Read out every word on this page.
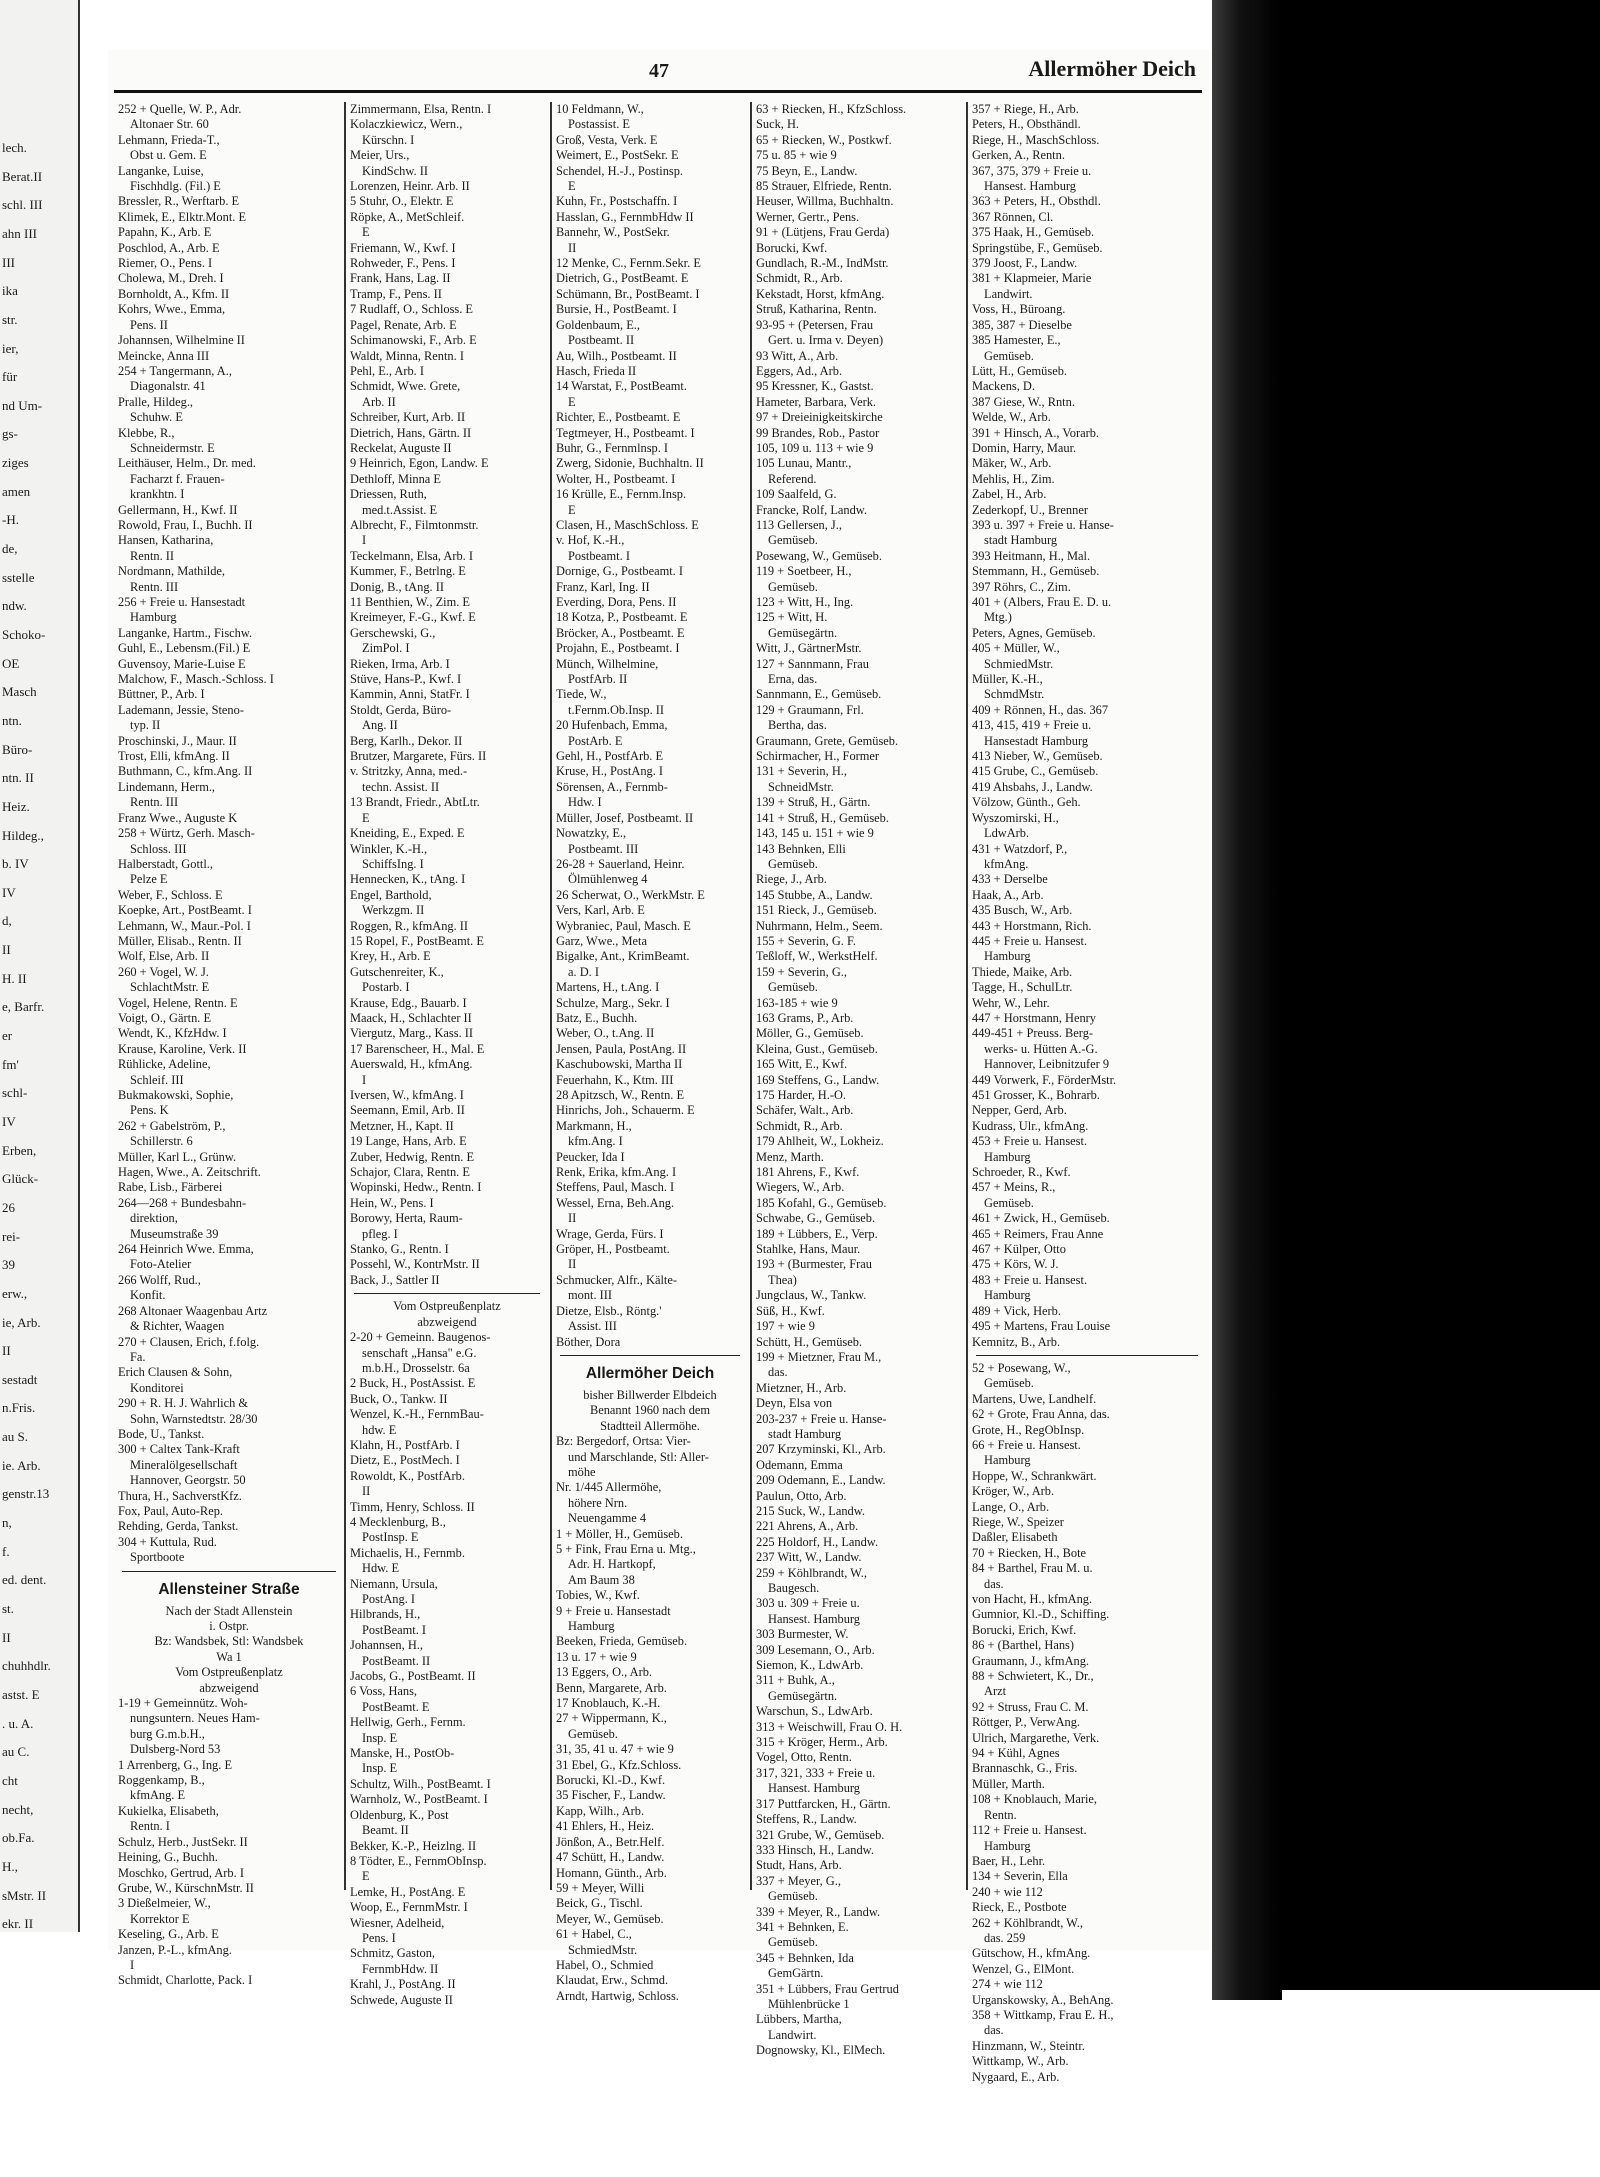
lech.
Berat.II
schl. III
ahn III
III
ika
str.
ier,
für
nd Um-
gs-
ziges
amen
-H.
de,
sstelle
ndw.
Schoko-
OE
Masch
ntn.
Büro-
ntn. II
Heiz.
Hildeg.,
b. IV
IV
d,
II
H. II
e, Barfr.
er
fm'
schl-
IV
Erben,
Glück-
26
rei-
39
erw.,
ie, Arb.
II
sestadt
n.Fris.
au S.
ie. Arb.
genstr.13
n,
f.
ed. dent.
st.
II
chuhhdlr.
astst. E
. u. A.
au C.
cht
necht,
ob.Fa.
H.,
sMstr. II
ekr. II
47	Allermöher Deich
252 + Quelle, W. P., Adr.
Altonaer Str. 60
Lehmann, Frieda-T.,
Obst u. Gem. E
Langanke, Luise,
Fischhdlg. (Fil.) E
Bressler, R., Werftarb. E
Klimek, E., Elktr.Mont. E
Papahn, K., Arb. E
Poschlod, A., Arb. E
Riemer, O., Pens. I
Cholewa, M., Dreh. I
Bornholdt, A., Kfm. II
Kohrs, Wwe., Emma,
Pens. II
Johannsen, Wilhelmine II
Meincke, Anna III
254 + Tangermann, A.,
Diagonalstr. 41
Pralle, Hildeg.,
Schuhw. E
Klebbe, R.,
Schneidermstr. E
Leithäuser, Helm., Dr. med.
Facharzt f. Frauen-
krankhtn. I
Gellermann, H., Kwf. II
Rowold, Frau, I., Buchh. II
Hansen, Katharina,
Rentn. II
Nordmann, Mathilde,
Rentn. III
256 + Freie u. Hansestadt
Hamburg
Langanke, Hartm., Fischw.
Guhl, E., Lebensm.(Fil.) E
Guvensoy, Marie-Luise E
Malchow, F., Masch.-Schloss. I
Büttner, P., Arb. I
Lademann, Jessie, Steno-
typ. II
Proschinski, J., Maur. II
Trost, Elli, kfmAng. II
Buthmann, C., kfm.Ang. II
Lindemann, Herm.,
Rentn. III
Franz Wwe., Auguste K
258 + Würtz, Gerh. Masch-
Schloss. III
Halberstadt, Gottl.,
Pelze E
Weber, F., Schloss. E
Koepke, Art., PostBeamt. I
Lehmann, W., Maur.-Pol. I
Müller, Elisab., Rentn. II
Wolf, Else, Arb. II
260 + Vogel, W. J.
SchlachtMstr. E
Vogel, Helene, Rentn. E
Voigt, O., Gärtn. E
Wendt, K., KfzHdw. I
Krause, Karoline, Verk. II
Rühlicke, Adeline,
Schleif. III
Bukmakowski, Sophie,
Pens. K
262 + Gabelström, P.,
Schillerstr. 6
Müller, Karl L., Grünw.
Hagen, Wwe., A. Zeitschrift.
Rabe, Lisb., Färberei
264—268 + Bundesbahn-
direktion,
Museumstraße 39
264 Heinrich Wwe. Emma,
Foto-Atelier
266 Wolff, Rud.,
Konfit.
268 Altonaer Waagenbau Artz
& Richter, Waagen
270 + Clausen, Erich, f.folg.
Fa.
Erich Clausen & Sohn,
Konditorei
290 + R. H. J. Wahrlich &
Sohn, Warnstedtstr. 28/30
Bode, U., Tankst.
300 + Caltex Tank-Kraft
Mineralölgesellschaft
Hannover, Georgstr. 50
Thura, H., SachverstKfz.
Fox, Paul, Auto-Rep.
Rehding, Gerda, Tankst.
304 + Kuttula, Rud.
Sportboote
Allensteiner Straße
Nach der Stadt Allenstein
i. Ostpr.
Bz: Wandsbek, Stl: Wandsbek
Wa 1
Vom Ostpreußenplatz
abzweigend
1-19 + Gemeinnütz. Woh-
nungsuntern. Neues Ham-
burg G.m.b.H.,
Dulsberg-Nord 53
1 Arrenberg, G., Ing. E
Roggenkamp, B.,
kfmAng. E
Kukielka, Elisabeth,
Rentn. I
Schulz, Herb., JustSekr. II
Heining, G., Buchh.
Moschko, Gertrud, Arb. I
Grube, W., KürschnMstr. II
3 Dießelmeier, W.,
Korrektor E
Keseling, G., Arb. E
Janzen, P.-L., kfmAng.
I
Schmidt, Charlotte, Pack. I
Zimmermann, Elsa, Rentn. I
Kolaczkiewicz, Wern.,
Kürschn. I
Meier, Urs.,
KindSchw. II
Lorenzen, Heinr. Arb. II
5 Stuhr, O., Elektr. E
Röpke, A., MetSchleif.
E
Friemann, W., Kwf. I
Rohweder, F., Pens. I
Frank, Hans, Lag. II
Tramp, F., Pens. II
7 Rudlaff, O., Schloss. E
Pagel, Renate, Arb. E
Schimanowski, F., Arb. E
Waldt, Minna, Rentn. I
Pehl, E., Arb. I
Schmidt, Wwe. Grete,
Arb. II
Schreiber, Kurt, Arb. II
Dietrich, Hans, Gärtn. II
Reckelat, Auguste II
9 Heinrich, Egon, Landw. E
Dethloff, Minna E
Driessen, Ruth,
med.t.Assist. E
Albrecht, F., Filmtonmstr.
I
Teckelmann, Elsa, Arb. I
Kummer, F., Betrlng. E
Donig, B., tAng. II
11 Benthien, W., Zim. E
Kreimeyer, F.-G., Kwf. E
Gerschewski, G.,
ZimPol. I
Rieken, Irma, Arb. I
Stüve, Hans-P., Kwf. I
Kammin, Anni, StatFr. I
Stoldt, Gerda, Büro-
Ang. II
Berg, Karlh., Dekor. II
Brutzer, Margarete, Fürs. II
v. Stritzky, Anna, med.-
techn. Assist. II
13 Brandt, Friedr., AbtLtr.
E
Kneiding, E., Exped. E
Winkler, K.-H.,
SchiffsIng. I
Hennecken, K., tAng. I
Engel, Barthold,
Werkzgm. II
Roggen, R., kfmAng. II
15 Ropel, F., PostBeamt. E
Krey, H., Arb. E
Gutschenreiter, K.,
Postarb. I
Krause, Edg., Bauarb. I
Maack, H., Schlachter II
Viergutz, Marg., Kass. II
17 Barenscheer, H., Mal. E
Auerswald, H., kfmAng.
I
Iversen, W., kfmAng. I
Seemann, Emil, Arb. II
Metzner, H., Kapt. II
19 Lange, Hans, Arb. E
Zuber, Hedwig, Rentn. E
Schajor, Clara, Rentn. E
Wopinski, Hedw., Rentn. I
Hein, W., Pens. I
Borowy, Herta, Raum-
pfleg. I
Stanko, G., Rentn. I
Possehl, W., KontrMstr. II
Back, J., Sattler II
Vom Ostpreußenplatz
abzweigend
2-20 + Gemeinn. Baugenos-
senschaft „Hansa" e.G.
m.b.H., Drosselstr. 6a
2 Buck, H., PostAssist. E
Buck, O., Tankw. II
Wenzel, K.-H., FernmBau-
hdw. E
Klahn, H., PostfArb. I
Dietz, E., PostMech. I
Rowoldt, K., PostfArb.
II
Timm, Henry, Schloss. II
4 Mecklenburg, B.,
PostInsp. E
Michaelis, H., Fernmb.
Hdw. E
Niemann, Ursula,
PostAng. I
Hilbrands, H.,
PostBeamt. I
Johannsen, H.,
PostBeamt. II
Jacobs, G., PostBeamt. II
6 Voss, Hans,
PostBeamt. E
Hellwig, Gerh., Fernm.
Insp. E
Manske, H., PostOb-
Insp. E
Schultz, Wilh., PostBeamt. I
Warnholz, W., PostBeamt. I
Oldenburg, K., Post
Beamt. II
Bekker, K.-P., Heizlng. II
8 Tödter, E., FernmObInsp.
E
Lemke, H., PostAng. E
Woop, E., FernmMstr. I
Wiesner, Adelheid,
Pens. I
Schmitz, Gaston,
FernmbHdw. II
Krahl, J., PostAng. II
Schwede, Auguste II
10 Feldmann, W.,
Postassist. E
Groß, Vesta, Verk. E
Weimert, E., PostSekr. E
Schendel, H.-J., Postinsp.
E
Kuhn, Fr., Postschaffn. I
Hasslan, G., FernmbHdw II
Bannehr, W., PostSekr.
II
12 Menke, C., Fernm.Sekr. E
Dietrich, G., PostBeamt. E
Schümann, Br., PostBeamt. I
Bursie, H., PostBeamt. I
Goldenbaum, E.,
Postbeamt. II
Au, Wilh., Postbeamt. II
Hasch, Frieda II
14 Warstat, F., PostBeamt.
E
Richter, E., Postbeamt. E
Tegtmeyer, H., Postbeamt. I
Buhr, G., Fernmlnsp. I
Zwerg, Sidonie, Buchhaltn. II
Wolter, H., Postbeamt. I
16 Krülle, E., Fernm.Insp.
E
Clasen, H., MaschSchloss. E
v. Hof, K.-H.,
Postbeamt. I
Dornige, G., Postbeamt. I
Franz, Karl, Ing. II
Everding, Dora, Pens. II
18 Kotza, P., Postbeamt. E
Bröcker, A., Postbeamt. E
Projahn, E., Postbeamt. I
Münch, Wilhelmine,
PostfArb. II
Tiede, W.,
t.Fernm.Ob.Insp. II
20 Hufenbach, Emma,
PostArb. E
Gehl, H., PostfArb. E
Kruse, H., PostAng. I
Sörensen, A., Fernmb-
Hdw. I
Müller, Josef, Postbeamt. II
Nowatzky, E.,
Postbeamt. III
26-28 + Sauerland, Heinr.
Ölmühlenweg 4
26 Scherwat, O., WerkMstr. E
Vers, Karl, Arb. E
Wybraniec, Paul, Masch. E
Garz, Wwe., Meta
Bigalke, Ant., KrimBeamt.
a. D. I
Martens, H., t.Ang. I
Schulze, Marg., Sekr. I
Batz, E., Buchh.
Weber, O., t.Ang. II
Jensen, Paula, PostAng. II
Kaschubowski, Martha II
Feuerhahn, K., Ktm. III
28 Apitzsch, W., Rentn. E
Hinrichs, Joh., Schauerm. E
Markmann, H.,
kfm.Ang. I
Peucker, Ida I
Renk, Erika, kfm.Ang. I
Steffens, Paul, Masch. I
Wessel, Erna, Beh.Ang.
II
Wrage, Gerda, Fürs. I
Gröper, H., Postbeamt.
II
Schmucker, Alfr., Kälte-
mont. III
Dietze, Elsb., Röntg.'
Assist. III
Böther, Dora
Allermöher Deich
bisher Billwerder Elbdeich
Benannt 1960 nach dem
Stadtteil Allermöhe.
Bz: Bergedorf, Ortsa: Vier-
und Marschlande, Stl: Aller-
möhe
Nr. 1/445 Allermöhe,
höhere Nrn.
Neuengamme 4
1 + Möller, H., Gemüseb.
5 + Fink, Frau Erna u. Mtg.,
Adr. H. Hartkopf,
Am Baum 38
Tobies, W., Kwf.
9 + Freie u. Hansestadt
Hamburg
Beeken, Frieda, Gemüseb.
13 u. 17 + wie 9
13 Eggers, O., Arb.
Benn, Margarete, Arb.
17 Knoblauch, K.-H.
27 + Wippermann, K.,
Gemüseb.
31, 35, 41 u. 47 + wie 9
31 Ebel, G., Kfz.Schloss.
Borucki, Kl.-D., Kwf.
35 Fischer, F., Landw.
Kapp, Wilh., Arb.
41 Ehlers, H., Heiz.
Jönßon, A., Betr.Helf.
47 Schütt, H., Landw.
Homann, Günth., Arb.
59 + Meyer, Willi
Beick, G., Tischl.
Meyer, W., Gemüseb.
61 + Habel, C.,
SchmiedMstr.
Habel, O., Schmied
Klaudat, Erw., Schmd.
Arndt, Hartwig, Schloss.
63 + Riecken, H., KfzSchloss.
Suck, H.
65 + Riecken, W., Postkwf.
75 u. 85 + wie 9
75 Beyn, E., Landw.
85 Strauer, Elfriede, Rentn.
Heuser, Willma, Buchhaltn.
Werner, Gertr., Pens.
91 + (Lütjens, Frau Gerda)
Borucki, Kwf.
Gundlach, R.-M., IndMstr.
Schmidt, R., Arb.
Kekstadt, Horst, kfmAng.
Struß, Katharina, Rentn.
93-95 + (Petersen, Frau
Gert. u. Irma v. Deyen)
93 Witt, A., Arb.
Eggers, Ad., Arb.
95 Kressner, K., Gastst.
Hameter, Barbara, Verk.
97 + Dreieinigkeitskirche
99 Brandes, Rob., Pastor
105, 109 u. 113 + wie 9
105 Lunau, Mantr.,
Referend.
109 Saalfeld, G.
Francke, Rolf, Landw.
113 Gellersen, J.,
Gemüseb.
Posewang, W., Gemüseb.
119 + Soetbeer, H.,
Gemüseb.
123 + Witt, H., Ing.
125 + Witt, H.
Gemüsegärtn.
Witt, J., GärtnerMstr.
127 + Sannmann, Frau
Erna, das.
Sannmann, E., Gemüseb.
129 + Graumann, Frl.
Bertha, das.
Graumann, Grete, Gemüseb.
Schirmacher, H., Former
131 + Severin, H.,
SchneidMstr.
139 + Struß, H., Gärtn.
141 + Struß, H., Gemüseb.
143, 145 u. 151 + wie 9
143 Behnken, Elli
Gemüseb.
Riege, J., Arb.
145 Stubbe, A., Landw.
151 Rieck, J., Gemüseb.
Nuhrmann, Helm., Seem.
155 + Severin, G. F.
Teßloff, W., WerkstHelf.
159 + Severin, G.,
Gemüseb.
163-185 + wie 9
163 Grams, P., Arb.
Möller, G., Gemüseb.
Kleina, Gust., Gemüseb.
165 Witt, E., Kwf.
169 Steffens, G., Landw.
175 Harder, H.-O.
Schäfer, Walt., Arb.
Schmidt, R., Arb.
179 Ahlheit, W., Lokheiz.
Menz, Marth.
181 Ahrens, F., Kwf.
Wiegers, W., Arb.
185 Kofahl, G., Gemüseb.
Schwabe, G., Gemüseb.
189 + Lübbers, E., Verp.
Stahlke, Hans, Maur.
193 + (Burmester, Frau
Thea)
Jungclaus, W., Tankw.
Süß, H., Kwf.
197 + wie 9
Schütt, H., Gemüseb.
199 + Mietzner, Frau M.,
das.
Mietzner, H., Arb.
Deyn, Elsa von
203-237 + Freie u. Hanse-
stadt Hamburg
207 Krzyminski, Kl., Arb.
Odemann, Emma
209 Odemann, E., Landw.
Paulun, Otto, Arb.
215 Suck, W., Landw.
221 Ahrens, A., Arb.
225 Holdorf, H., Landw.
237 Witt, W., Landw.
259 + Köhlbrandt, W.,
Baugesch.
303 u. 309 + Freie u.
Hansest. Hamburg
303 Burmester, W.
309 Lesemann, O., Arb.
Siemon, K., LdwArb.
311 + Buhk, A.,
Gemüsegärtn.
Warschun, S., LdwArb.
313 + Weischwill, Frau O. H.
315 + Kröger, Herm., Arb.
Vogel, Otto, Rentn.
317, 321, 333 + Freie u.
Hansest. Hamburg
317 Puttfarcken, H., Gärtn.
Steffens, R., Landw.
321 Grube, W., Gemüseb.
333 Hinsch, H., Landw.
Studt, Hans, Arb.
337 + Meyer, G.,
Gemüseb.
339 + Meyer, R., Landw.
341 + Behnken, E.
Gemüseb.
345 + Behnken, Ida
GemGärtn.
351 + Lübbers, Frau Gertrud
Mühlenbrücke 1
Lübbers, Martha,
Landwirt.
Dognowsky, Kl., ElMech.
357 + Riege, H., Arb.
Peters, H., Obsthändl.
Riege, H., MaschSchloss.
Gerken, A., Rentn.
367, 375, 379 + Freie u.
Hansest. Hamburg
363 + Peters, H., Obsthdl.
367 Rönnen, Cl.
375 Haak, H., Gemüseb.
Springstübe, F., Gemüseb.
379 Joost, F., Landw.
381 + Klapmeier, Marie
Landwirt.
Voss, H., Büroang.
385, 387 + Dieselbe
385 Hamester, E.,
Gemüseb.
Lütt, H., Gemüseb.
Mackens, D.
387 Giese, W., Rntn.
Welde, W., Arb.
391 + Hinsch, A., Vorarb.
Domin, Harry, Maur.
Mäker, W., Arb.
Mehlis, H., Zim.
Zabel, H., Arb.
Zederkopf, U., Brenner
393 u. 397 + Freie u. Hanse-
stadt Hamburg
393 Heitmann, H., Mal.
Stemmann, H., Gemüseb.
397 Röhrs, C., Zim.
401 + (Albers, Frau E. D. u.
Mtg.)
Peters, Agnes, Gemüseb.
405 + Müller, W.,
SchmiedMstr.
Müller, K.-H.,
SchmdMstr.
409 + Rönnen, H., das. 367
413, 415, 419 + Freie u.
Hansestadt Hamburg
413 Nieber, W., Gemüseb.
415 Grube, C., Gemüseb.
419 Ahsbahs, J., Landw.
Völzow, Günth., Geh.
Wyszomirski, H.,
LdwArb.
431 + Watzdorf, P.,
kfmAng.
433 + Derselbe
Haak, A., Arb.
435 Busch, W., Arb.
443 + Horstmann, Rich.
445 + Freie u. Hansest.
Hamburg
Thiede, Maike, Arb.
Tagge, H., SchulLtr.
Wehr, W., Lehr.
447 + Horstmann, Henry
449-451 + Preuss. Berg-
werks- u. Hütten A.-G.
Hannover, Leibnitzufer 9
449 Vorwerk, F., FörderMstr.
451 Grosser, K., Bohrarb.
Nepper, Gerd, Arb.
Kudrass, Ulr., kfmAng.
453 + Freie u. Hansest.
Hamburg
Schroeder, R., Kwf.
457 + Meins, R.,
Gemüseb.
461 + Zwick, H., Gemüseb.
465 + Reimers, Frau Anne
467 + Külper, Otto
475 + Körs, W. J.
483 + Freie u. Hansest.
Hamburg
489 + Vick, Herb.
495 + Martens, Frau Louise
Kemnitz, B., Arb.
52 + Posewang, W.,
Gemüseb.
Martens, Uwe, Landhelf.
62 + Grote, Frau Anna, das.
Grote, H., RegObInsp.
66 + Freie u. Hansest.
Hamburg
Hoppe, W., Schrankwärt.
Kröger, W., Arb.
Lange, O., Arb.
Riege, W., Speizer
Daßler, Elisabeth
70 + Riecken, H., Bote
84 + Barthel, Frau M. u.
das.
von Hacht, H., kfmAng.
Gumnior, Kl.-D., Schiffing.
Borucki, Erich, Kwf.
86 + (Barthel, Hans)
Graumann, J., kfmAng.
88 + Schwietert, K., Dr.,
Arzt
92 + Struss, Frau C. M.
Röttger, P., VerwAng.
Ulrich, Margarethe, Verk.
94 + Kühl, Agnes
Brannaschk, G., Fris.
Müller, Marth.
108 + Knoblauch, Marie,
Rentn.
112 + Freie u. Hansest.
Hamburg
Baer, H., Lehr.
134 + Severin, Ella
240 + wie 112
Rieck, E., Postbote
262 + Köhlbrandt, W.,
das. 259
Gütschow, H., kfmAng.
Wenzel, G., ElMont.
274 + wie 112
Urganskowsky, A., BehAng.
358 + Wittkamp, Frau E. H.,
das.
Hinzmann, W., Steintr.
Wittkamp, W., Arb.
Nygaard, E., Arb.
